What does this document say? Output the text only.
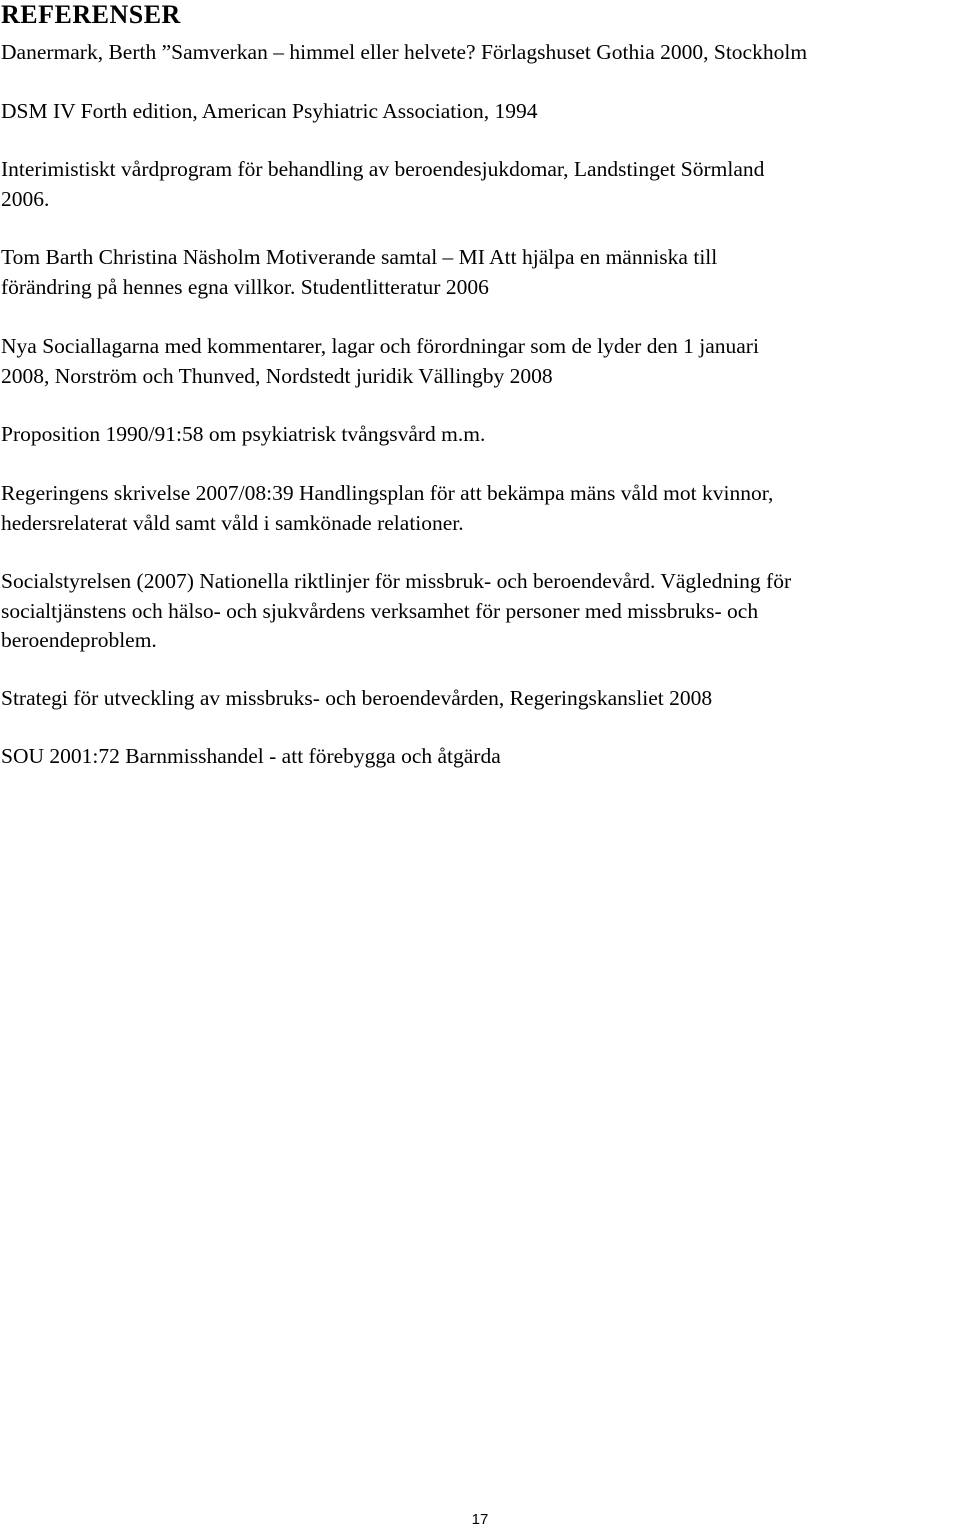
REFERENSER

Danermark, Berth ”Samverkan – himmel eller helvete? Förlagshuset Gothia 2000, Stockholm

DSM IV Forth edition, American Psyhiatric Association, 1994

Interimistiskt vårdprogram för behandling av beroendesjukdomar, Landstinget Sörmland
2006.

Tom Barth Christina Näsholm Motiverande samtal – MI Att hjälpa en människa till
förändring på hennes egna villkor. Studentlitteratur 2006

Nya Sociallagarna med kommentarer, lagar och förordningar som de lyder den 1 januari
2008, Norström och Thunved, Nordstedt juridik Vällingby 2008

Proposition 1990/91:58 om psykiatrisk tvångsvård m.m.

Regeringens skrivelse 2007/08:39 Handlingsplan för att bekämpa mäns våld mot kvinnor,
hedersrelaterat våld samt våld i samkönade relationer.

Socialstyrelsen (2007) Nationella riktlinjer för missbruk- och beroendevård. Vägledning för
socialtjänstens och hälso- och sjukvårdens verksamhet för personer med missbruks- och
beroendeproblem.

Strategi för utveckling av missbruks- och beroendevården, Regeringskansliet 2008

SOU 2001:72 Barnmisshandel - att förebygga och åtgärda

17
